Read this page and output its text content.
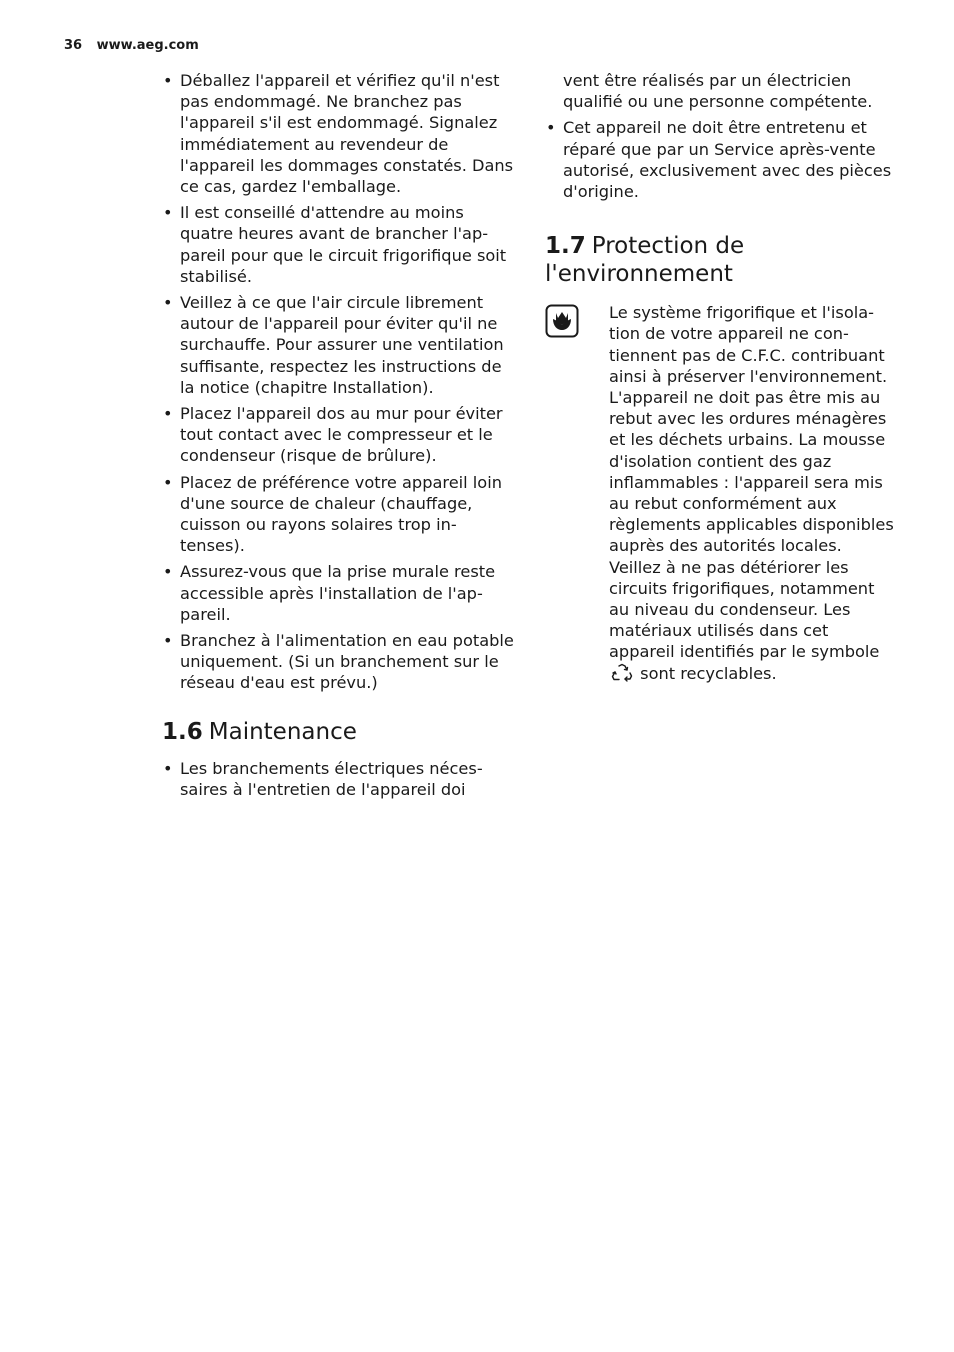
36 www.aeg.com
• Déballez l'appareil et vérifiez qu'il n'est pas endommagé. Ne branchez pas l'appareil s'il est endommagé. Signalez immédiatement au revendeur de l'appareil les dommages constatés. Dans ce cas, gardez l'emballage.
• Il est conseillé d'attendre au moins quatre heures avant de brancher l'appareil pour que le circuit frigorifique soit stabilisé.
• Veillez à ce que l'air circule librement autour de l'appareil pour éviter qu'il ne surchauffe. Pour assurer une ventilation suffisante, respectez les instructions de la notice (chapitre Installation).
• Placez l'appareil dos au mur pour éviter tout contact avec le compresseur et le condenseur (risque de brûlure).
• Placez de préférence votre appareil loin d'une source de chaleur (chauffage, cuisson ou rayons solaires trop intenses).
• Assurez-vous que la prise murale reste accessible après l'installation de l'appareil.
• Branchez à l'alimentation en eau potable uniquement. (Si un branchement sur le réseau d'eau est prévu.)
1.6 Maintenance
• Les branchements électriques nécessaires à l'entretien de l'appareil doi

vent être réalisés par un électricien qualifié ou une personne compétente.

• Cet appareil ne doit être entretenu et réparé que par un Service après-vente autorisé, exclusivement avec des pièces d'origine.
1.7 Protection de
l'environnement
Le système frigorifique et l'isolation de votre appareil ne contiennent pas de C.F.C. contribuant ainsi à préserver l'environnement. L'appareil ne doit pas être mis au rebut avec les ordures ménagères et les déchets urbains. La mousse d'isolation contient des gaz inflammables : l'appareil sera mis au rebut conformément aux règlements applicables disponibles auprès des autorités locales. Veillez à ne pas détériorer les circuits frigorifiques, notamment au niveau du condenseur. Les matériaux utilisés dans cet appareil identifiés par le symbole  sont recyclables.
